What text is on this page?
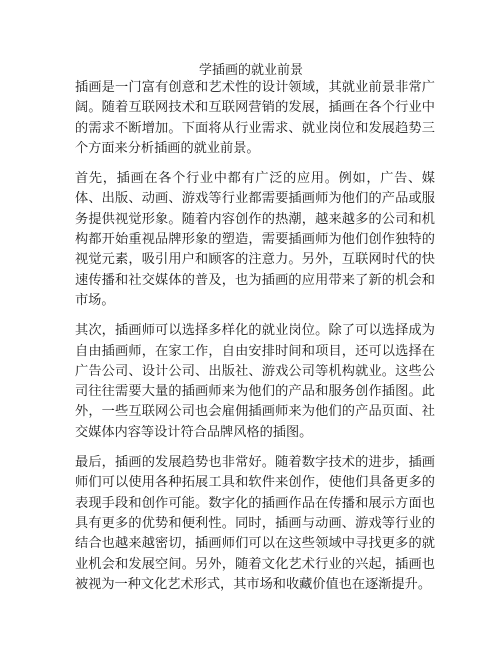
学插画的就业前景

插画是一门富有创意和艺术性的设计领域，其就业前景非常广阔。随着互联网技术和互联网营销的发展，插画在各个行业中的需求不断增加。下面将从行业需求、就业岗位和发展趋势三个方面来分析插画的就业前景。

首先，插画在各个行业中都有广泛的应用。例如，广告、媒体、出版、动画、游戏等行业都需要插画师为他们的产品或服务提供视觉形象。随着内容创作的热潮，越来越多的公司和机构都开始重视品牌形象的塑造，需要插画师为他们创作独特的视觉元素，吸引用户和顾客的注意力。另外，互联网时代的快速传播和社交媒体的普及，也为插画的应用带来了新的机会和市场。

其次，插画师可以选择多样化的就业岗位。除了可以选择成为自由插画师，在家工作，自由安排时间和项目，还可以选择在广告公司、设计公司、出版社、游戏公司等机构就业。这些公司往往需要大量的插画师来为他们的产品和服务创作插图。此外，一些互联网公司也会雇佣插画师来为他们的产品页面、社交媒体内容等设计符合品牌风格的插图。

最后，插画的发展趋势也非常好。随着数字技术的进步，插画师们可以使用各种拓展工具和软件来创作，使他们具备更多的表现手段和创作可能。数字化的插画作品在传播和展示方面也具有更多的优势和便利性。同时，插画与动画、游戏等行业的结合也越来越密切，插画师们可以在这些领域中寻找更多的就业机会和发展空间。另外，随着文化艺术行业的兴起，插画也被视为一种文化艺术形式，其市场和收藏价值也在逐渐提升。
